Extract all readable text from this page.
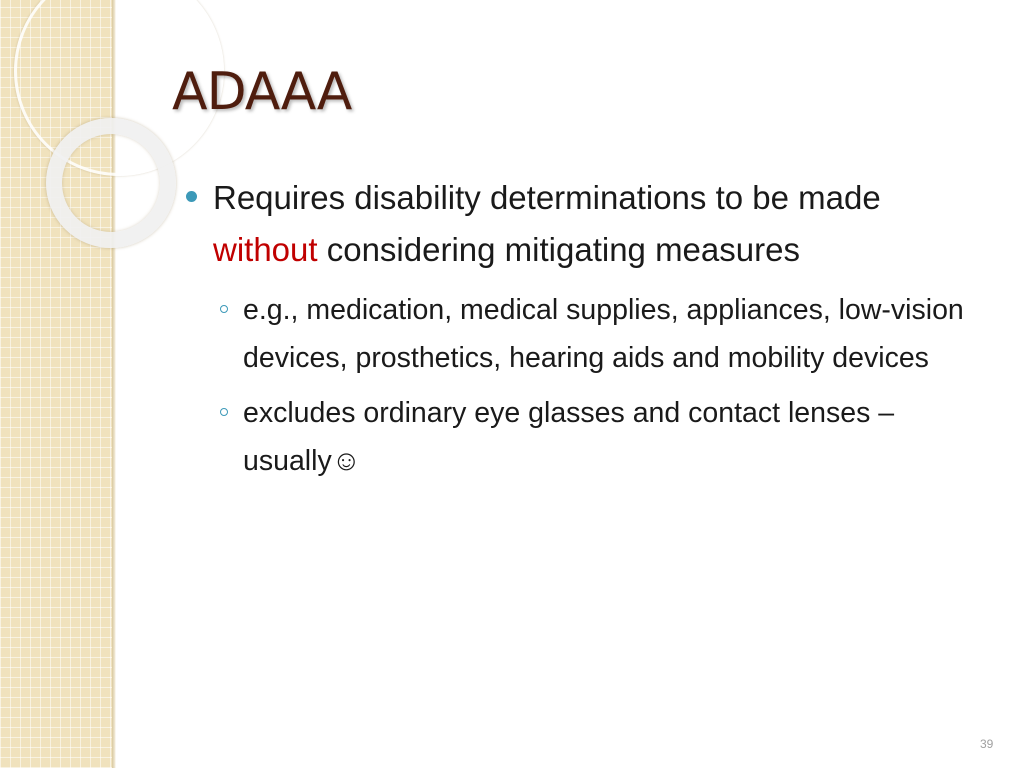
ADAAA
Requires disability determinations to be made without considering mitigating measures
e.g., medication, medical supplies, appliances, low-vision devices, prosthetics, hearing aids and mobility devices
excludes ordinary eye glasses and contact lenses – usually☺
39
